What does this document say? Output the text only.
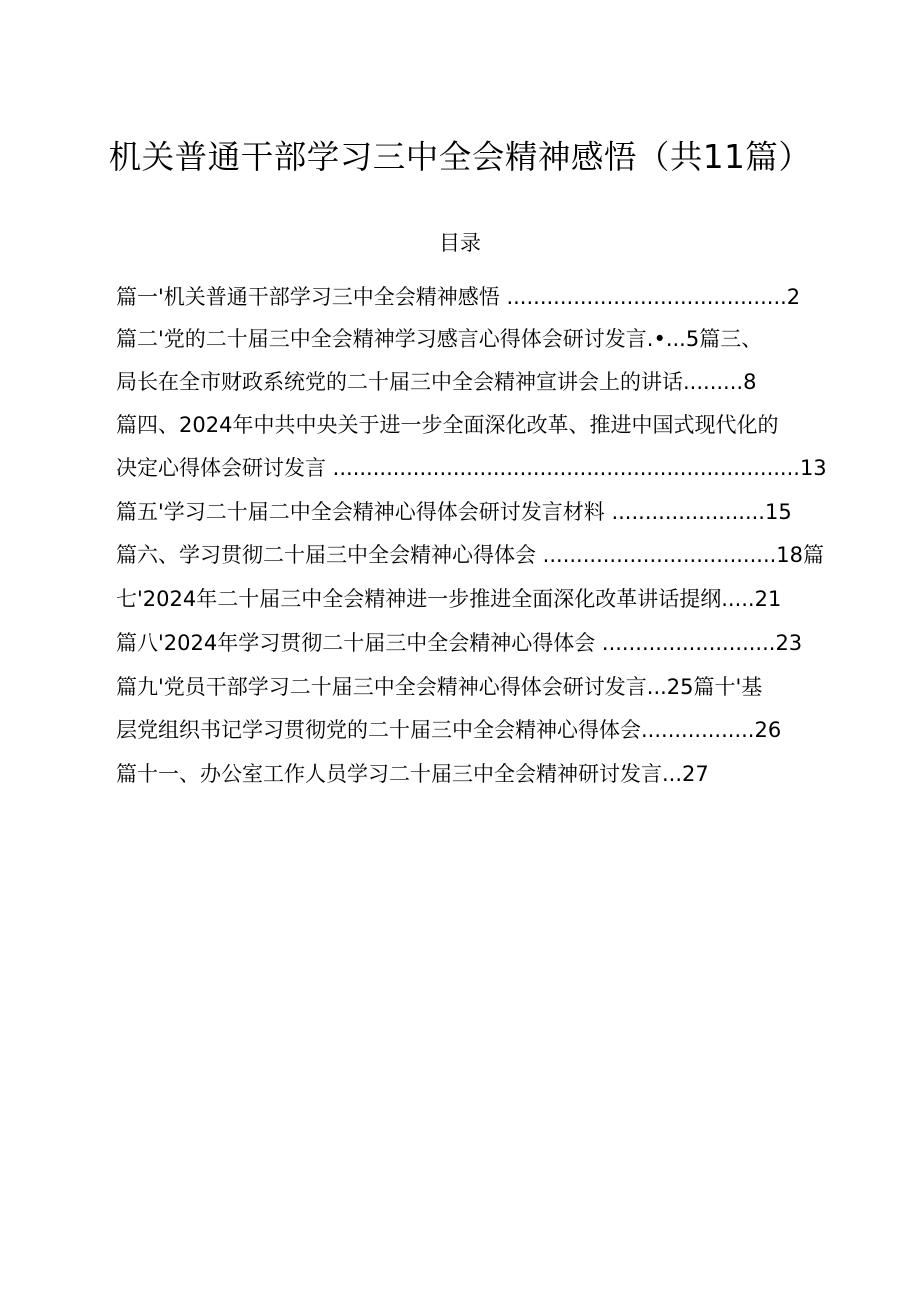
机关普通干部学习三中全会精神感悟（共11篇）
目录
篇一'机关普通干部学习三中全会精神感悟 ..........................................2
篇二'党的二十届三中全会精神学习感言心得体会研讨发言.•...5篇三、
局长在全市财政系统党的二十届三中全会精神宣讲会上的讲话.........8
篇四、2024年中共中央关于进一步全面深化改革、推进中国式现代化的
决定心得体会研讨发言 ......................................................................13
篇五'学习二十届二中全会精神心得体会研讨发言材料 .......................15
篇六、学习贯彻二十届三中全会精神心得体会 ...................................18篇
七'2024年二十届三中全会精神进一步推进全面深化改革讲话提纲.....21
篇八'2024年学习贯彻二十届三中全会精神心得体会 ..........................23
篇九'党员干部学习二十届三中全会精神心得体会研讨发言...25篇十'基
层党组织书记学习贯彻党的二十届三中全会精神心得体会.................26
篇十一、办公室工作人员学习二十届三中全会精神研讨发言...27
